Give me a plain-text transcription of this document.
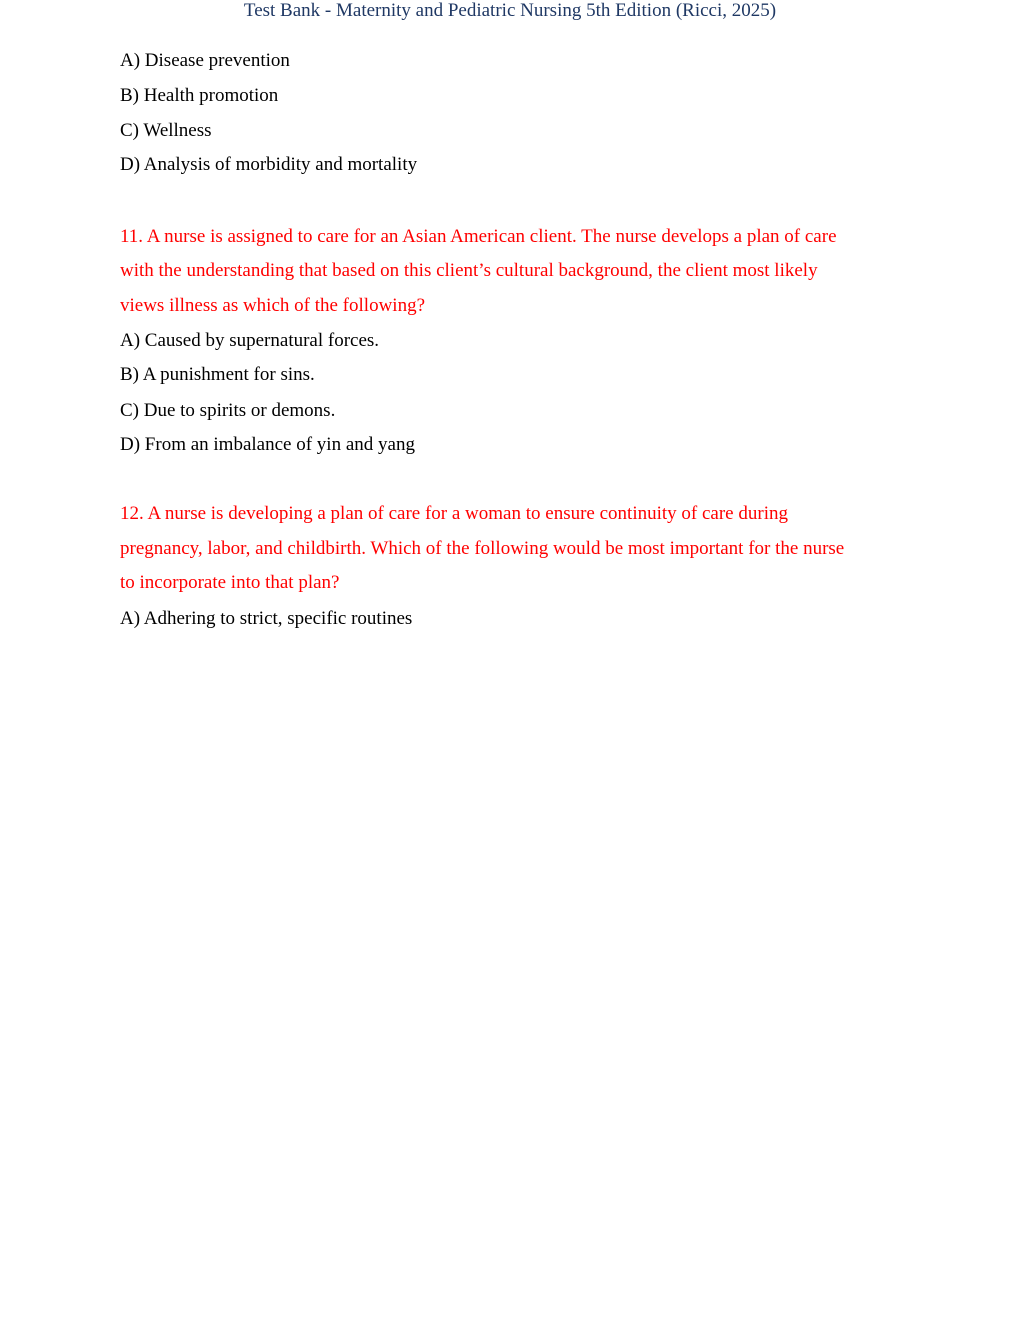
Test Bank - Maternity and Pediatric Nursing 5th Edition (Ricci, 2025)
A) Disease prevention
B) Health promotion
C) Wellness
D) Analysis of morbidity and mortality
11. A nurse is assigned to care for an Asian American client. The nurse develops a plan of care
with the understanding that based on this client’s cultural background, the client most likely
views illness as which of the following?
A) Caused by supernatural forces.
B) A punishment for sins.
C) Due to spirits or demons.
D) From an imbalance of yin and yang
12. A nurse is developing a plan of care for a woman to ensure continuity of care during
pregnancy, labor, and childbirth. Which of the following would be most important for the nurse
to incorporate into that plan?
A) Adhering to strict, specific routines
